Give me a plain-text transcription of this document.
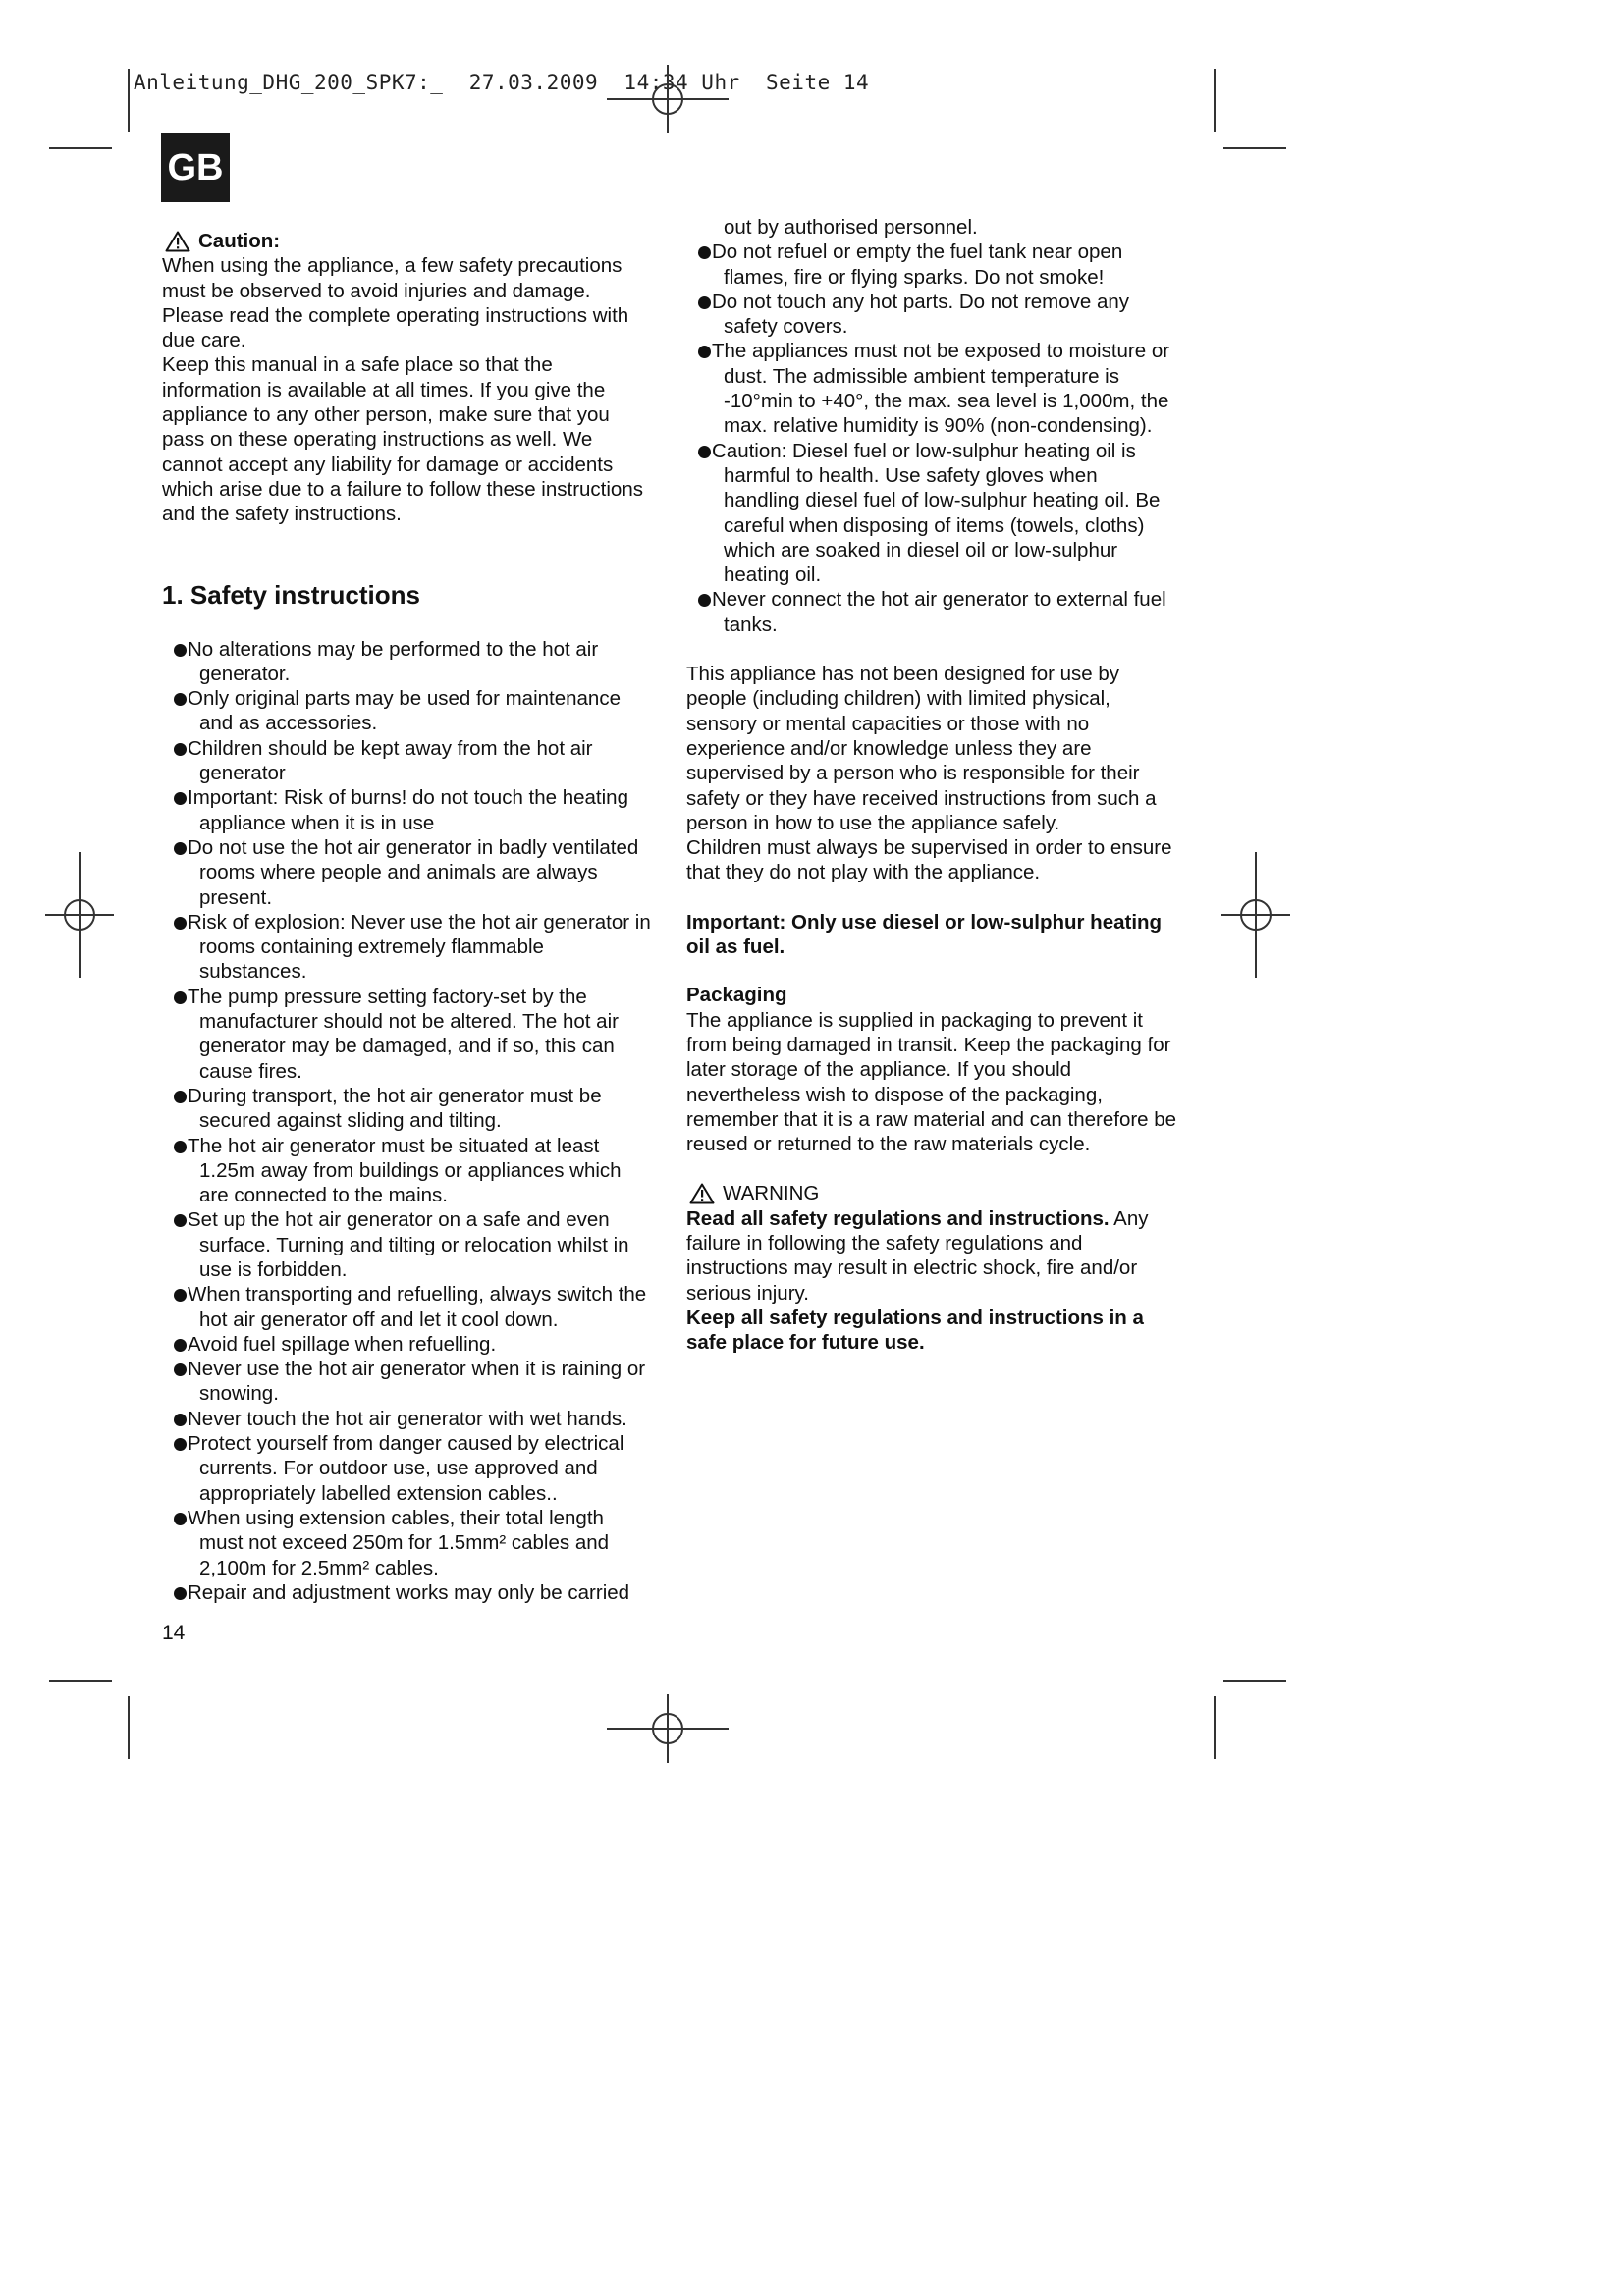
Anleitung_DHG_200_SPK7:_  27.03.2009  14:34 Uhr  Seite 14
GB
Caution:

When using the appliance, a few safety precautions must be observed to avoid injuries and damage. Please read the complete operating instructions with due care.

Keep this manual in a safe place so that the information is available at all times. If you give the appliance to any other person, make sure that you pass on these operating instructions as well. We cannot accept any liability for damage or accidents which arise due to a failure to follow these instructions and the safety instructions.

1. Safety instructions
No alterations may be performed to the hot air generator.
Only original parts may be used for maintenance and as accessories.
Children should be kept away from the hot air generator
Important: Risk of burns! do not touch the heating appliance when it is in use
Do not use the hot air generator in badly ventilated rooms where people and animals are always present.
Risk of explosion: Never use the hot air generator in rooms containing extremely flammable substances.
The pump pressure setting factory-set by the manufacturer should not be altered. The hot air generator may be damaged, and if so, this can cause fires.
During transport, the hot air generator must be secured against sliding and tilting.
The hot air generator must be situated at least 1.25m away from buildings or appliances which are connected to the mains.
Set up the hot air generator on a safe and even surface. Turning and tilting or relocation whilst in use is forbidden.
When transporting and refuelling, always switch the hot air generator off and let it cool down.
Avoid fuel spillage when refuelling.
Never use the hot air generator when it is raining or snowing.
Never touch the hot air generator with wet hands.
Protect yourself from danger caused by electrical currents. For outdoor use, use approved and appropriately labelled extension cables..
When using extension cables, their total length must not exceed 250m for 1.5mm² cables and 2,100m for 2.5mm² cables.
Repair and adjustment works may only be carried
out by authorised personnel.
Do not refuel or empty the fuel tank near open flames, fire or flying sparks. Do not smoke!
Do not touch any hot parts. Do not remove any safety covers.
The appliances must not be exposed to moisture or dust. The admissible ambient temperature is -10°min to +40°, the max. sea level is 1,000m, the max. relative humidity is 90% (non-condensing).
Caution: Diesel fuel or low-sulphur heating oil is harmful to health. Use safety gloves when handling diesel fuel of low-sulphur heating oil. Be careful when disposing of items (towels, cloths) which are soaked in diesel oil or low-sulphur heating oil.
Never connect the hot air generator to external fuel tanks.

This appliance has not been designed for use by people (including children) with limited physical, sensory or mental capacities or those with no experience and/or knowledge unless they are supervised by a person who is responsible for their safety or they have received instructions from such a person in how to use the appliance safely.

Children must always be supervised in order to ensure that they do not play with the appliance.

Important: Only use diesel or low-sulphur heating oil as fuel.

Packaging

The appliance is supplied in packaging to prevent it from being damaged in transit. Keep the packaging for later storage of the appliance. If you should nevertheless wish to dispose of the packaging, remember that it is a raw material and can therefore be reused or returned to the raw materials cycle.

WARNING

Read all safety regulations and instructions. Any failure in following the safety regulations and instructions may result in electric shock, fire and/or serious injury.

Keep all safety regulations and instructions in a safe place for future use.

14
